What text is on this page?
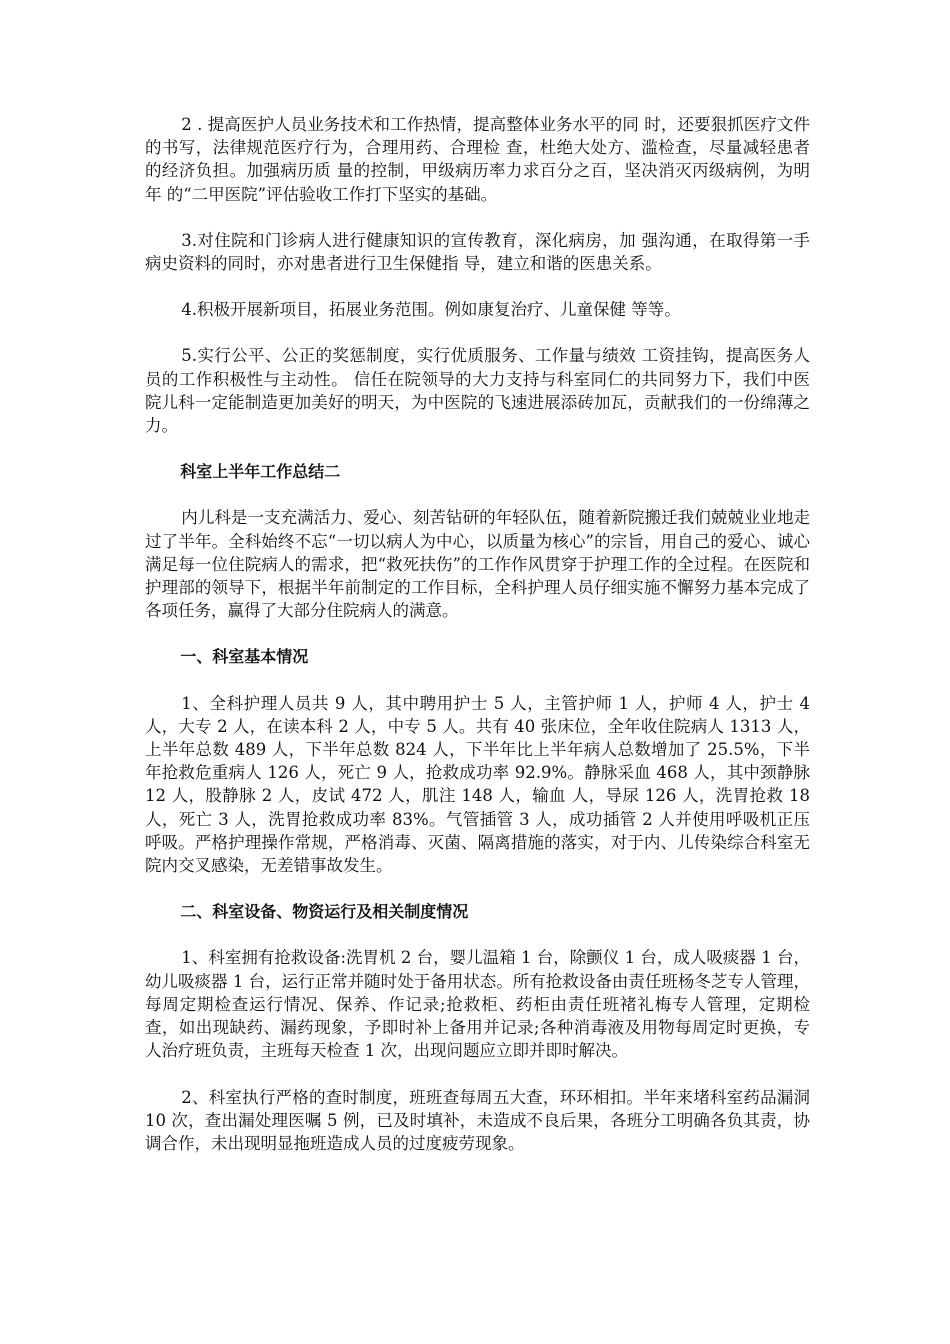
2 . 提高医护人员业务技术和工作热情，提高整体业务水平的同 时，还要狠抓医疗文件的书写，法律规范医疗行为，合理用药、合理检 查，杜绝大处方、滥检查，尽量减轻患者的经济负担。加强病历质 量的控制，甲级病历率力求百分之百，坚决消灭丙级病例，为明年 的“二甲医院”评估验收工作打下坚实的基础。

3.对住院和门诊病人进行健康知识的宣传教育，深化病房，加 强沟通，在取得第一手病史资料的同时，亦对患者进行卫生保健指 导，建立和谐的医患关系。

4.积极开展新项目，拓展业务范围。例如康复治疗、儿童保健 等等。

5.实行公平、公正的奖惩制度，实行优质服务、工作量与绩效 工资挂钩，提高医务人员的工作积极性与主动性。 信任在院领导的大力支持与科室同仁的共同努力下，我们中医 院儿科一定能制造更加美好的明天，为中医院的飞速进展添砖加瓦，贡献我们的一份绵薄之力。

科室上半年工作总结二

内儿科是一支充满活力、爱心、刻苦钻研的年轻队伍，随着新院搬迁我们兢兢业业地走过了半年。全科始终不忘“一切以病人为中心，以质量为核心”的宗旨，用自己的爱心、诚心满足每一位住院病人的需求，把“救死扶伤”的工作作风贯穿于护理工作的全过程。在医院和护理部的领导下，根据半年前制定的工作目标，全科护理人员仔细实施不懈努力基本完成了各项任务，赢得了大部分住院病人的满意。

一、科室基本情况

1、全科护理人员共 9 人，其中聘用护士 5 人，主管护师 1 人，护师 4 人，护士 4 人，大专 2 人，在读本科 2 人，中专 5 人。共有 40 张床位，全年收住院病人 1313 人，上半年总数 489 人，下半年总数 824 人，下半年比上半年病人总数增加了 25.5%，下半年抢救危重病人 126 人，死亡 9 人，抢救成功率 92.9%。静脉采血 468 人，其中颈静脉 12 人，股静脉 2 人，皮试 472 人，肌注 148 人，输血 人，导尿 126 人，洗胃抢救 18 人，死亡 3 人，洗胃抢救成功率 83%。气管插管 3 人，成功插管 2 人并使用呼吸机正压呼吸。严格护理操作常规，严格消毒、灭菌、隔离措施的落实，对于内、儿传染综合科室无院内交叉感染，无差错事故发生。

二、科室设备、物资运行及相关制度情况

1、科室拥有抢救设备:洗胃机 2 台，婴儿温箱 1 台，除颤仪 1 台，成人吸痰器 1 台，幼儿吸痰器 1 台，运行正常并随时处于备用状态。所有抢救设备由责任班杨冬芝专人管理，每周定期检查运行情况、保养、作记录;抢救柜、药柜由责任班褚礼梅专人管理，定期检查，如出现缺药、漏药现象，予即时补上备用并记录;各种消毒液及用物每周定时更换，专人治疗班负责，主班每天检查 1 次，出现问题应立即并即时解决。

2、科室执行严格的查时制度，班班查每周五大查，环环相扣。半年来堵科室药品漏洞 10 次，查出漏处理医嘱 5 例，已及时填补，未造成不良后果，各班分工明确各负其责，协调合作，未出现明显拖班造成人员的过度疲劳现象。
